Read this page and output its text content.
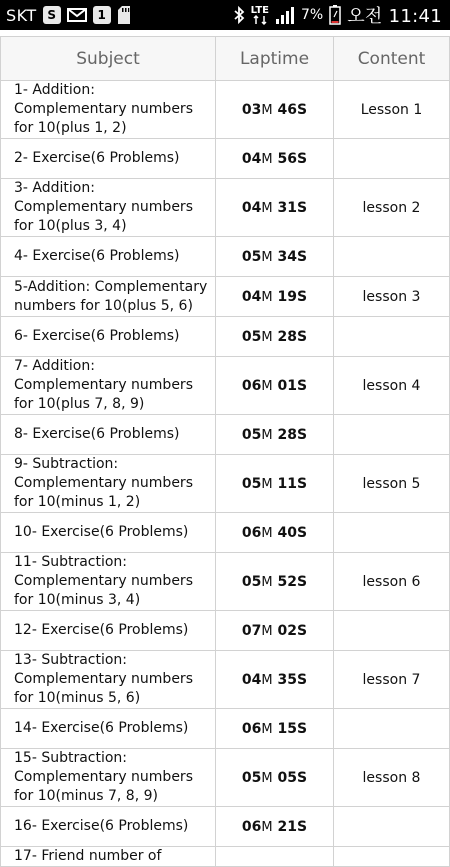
SKT S	1	LTE 7% 오전 11:41
Subject	Laptime	Content
1- Addition: Complementary numbers for 10(plus 1, 2)	03M 46S	Lesson 1
2- Exercise(6 Problems)	04M 56S	
3- Addition: Complementary numbers for 10(plus 3, 4)	04M 31S	lesson 2
4- Exercise(6 Problems)	05M 34S	
5-Addition: Complementary numbers for 10(plus 5, 6)	04M 19S	lesson 3
6- Exercise(6 Problems)	05M 28S	
7- Addition: Complementary numbers for 10(plus 7, 8, 9)	06M 01S	lesson 4
8- Exercise(6 Problems)	05M 28S	
9- Subtraction: Complementary numbers for 10(minus 1, 2)	05M 11S	lesson 5
10- Exercise(6 Problems)	06M 40S	
11- Subtraction: Complementary numbers for 10(minus 3, 4)	05M 52S	lesson 6
12- Exercise(6 Problems)	07M 02S	
13- Subtraction: Complementary numbers for 10(minus 5, 6)	04M 35S	lesson 7
14- Exercise(6 Problems)	06M 15S	
15- Subtraction: Complementary numbers for 10(minus 7, 8, 9)	05M 05S	lesson 8
16- Exercise(6 Problems)	06M 21S	
17- Friend number of		
